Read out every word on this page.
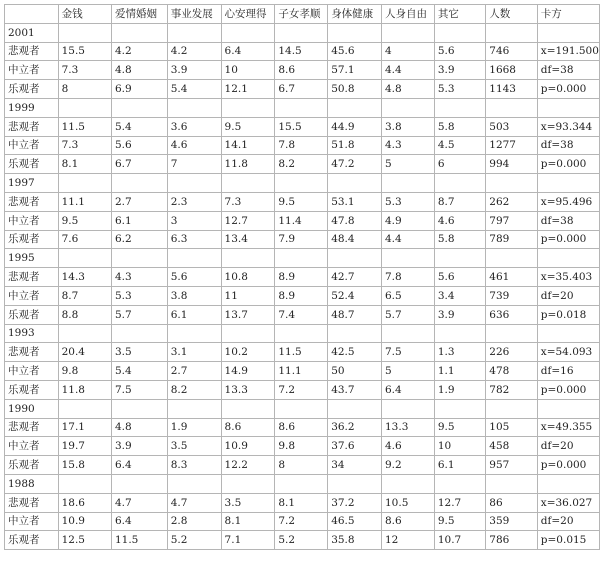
	金钱	爱情婚姻	事业发展	心安理得	子女孝顺	身体健康	人身自由	其它	人数	卡方
2001										
悲观者	15.5	4.2	4.2	6.4	14.5	45.6	4	5.6	746	x=191.500
中立者	7.3	4.8	3.9	10	8.6	57.1	4.4	3.9	1668	df=38
乐观者	8	6.9	5.4	12.1	6.7	50.8	4.8	5.3	1143	p=0.000
1999										
悲观者	11.5	5.4	3.6	9.5	15.5	44.9	3.8	5.8	503	x=93.344
中立者	7.3	5.6	4.6	14.1	7.8	51.8	4.3	4.5	1277	df=38
乐观者	8.1	6.7	7	11.8	8.2	47.2	5	6	994	p=0.000
1997										
悲观者	11.1	2.7	2.3	7.3	9.5	53.1	5.3	8.7	262	x=95.496
中立者	9.5	6.1	3	12.7	11.4	47.8	4.9	4.6	797	df=38
乐观者	7.6	6.2	6.3	13.4	7.9	48.4	4.4	5.8	789	p=0.000
1995										
悲观者	14.3	4.3	5.6	10.8	8.9	42.7	7.8	5.6	461	x=35.403
中立者	8.7	5.3	3.8	11	8.9	52.4	6.5	3.4	739	df=20
乐观者	8.8	5.7	6.1	13.7	7.4	48.7	5.7	3.9	636	p=0.018
1993										
悲观者	20.4	3.5	3.1	10.2	11.5	42.5	7.5	1.3	226	x=54.093
中立者	9.8	5.4	2.7	14.9	11.1	50	5	1.1	478	df=16
乐观者	11.8	7.5	8.2	13.3	7.2	43.7	6.4	1.9	782	p=0.000
1990										
悲观者	17.1	4.8	1.9	8.6	8.6	36.2	13.3	9.5	105	x=49.355
中立者	19.7	3.9	3.5	10.9	9.8	37.6	4.6	10	458	df=20
乐观者	15.8	6.4	8.3	12.2	8	34	9.2	6.1	957	p=0.000
1988										
悲观者	18.6	4.7	4.7	3.5	8.1	37.2	10.5	12.7	86	x=36.027
中立者	10.9	6.4	2.8	8.1	7.2	46.5	8.6	9.5	359	df=20
乐观者	12.5	11.5	5.2	7.1	5.2	35.8	12	10.7	786	p=0.015
